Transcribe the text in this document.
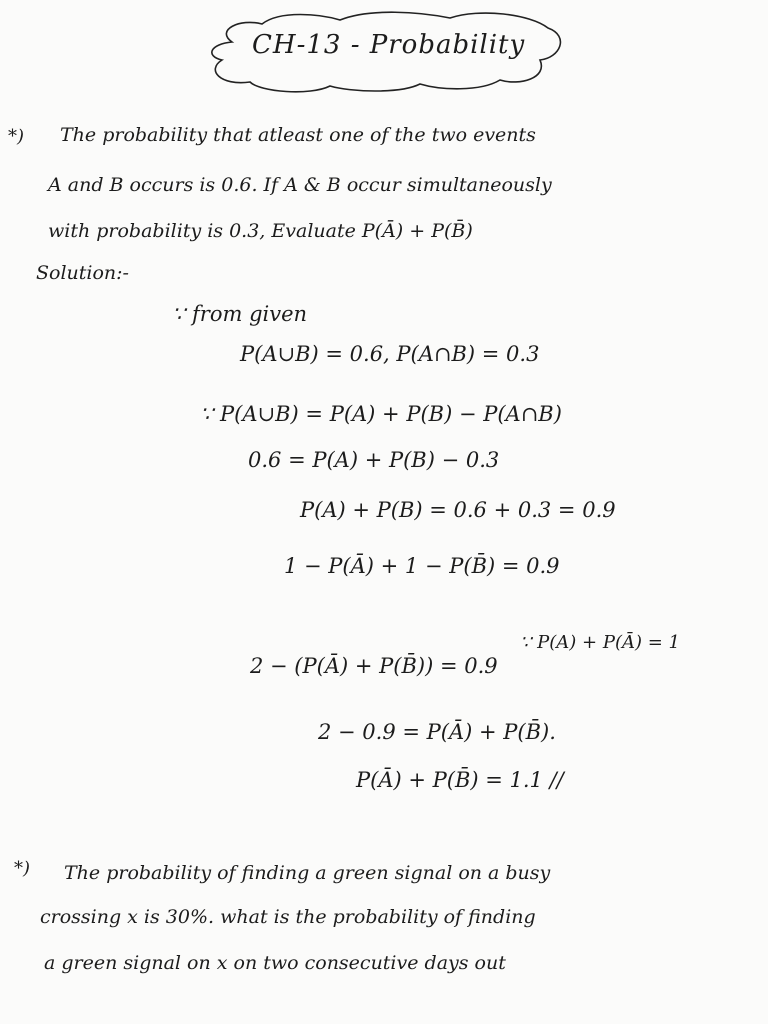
CH-13 - Probability
*) The probability that atleast one of the two events
A and B occurs is 0.6. If A & B occur simultaneously
with probability is 0.3, Evaluate P(Ā) + P(B̄)
Solution:-
∵ from given
P(A∪B) = 0.6, P(A∩B) = 0.3
∵ P(A∪B) = P(A) + P(B) − P(A∩B)
0.6 = P(A) + P(B) − 0.3
P(A) + P(B) = 0.6 + 0.3 = 0.9
1 − P(Ā) + 1 − P(B̄) = 0.9
∵ P(A) + P(Ā) = 1
2 − (P(Ā) + P(B̄)) = 0.9
2 − 0.9 = P(Ā) + P(B̄).
P(Ā) + P(B̄) = 1.1 //
*) The probability of finding a green signal on a busy
crossing x is 30%. what is the probability of finding
a green signal on x on two consecutive days out
